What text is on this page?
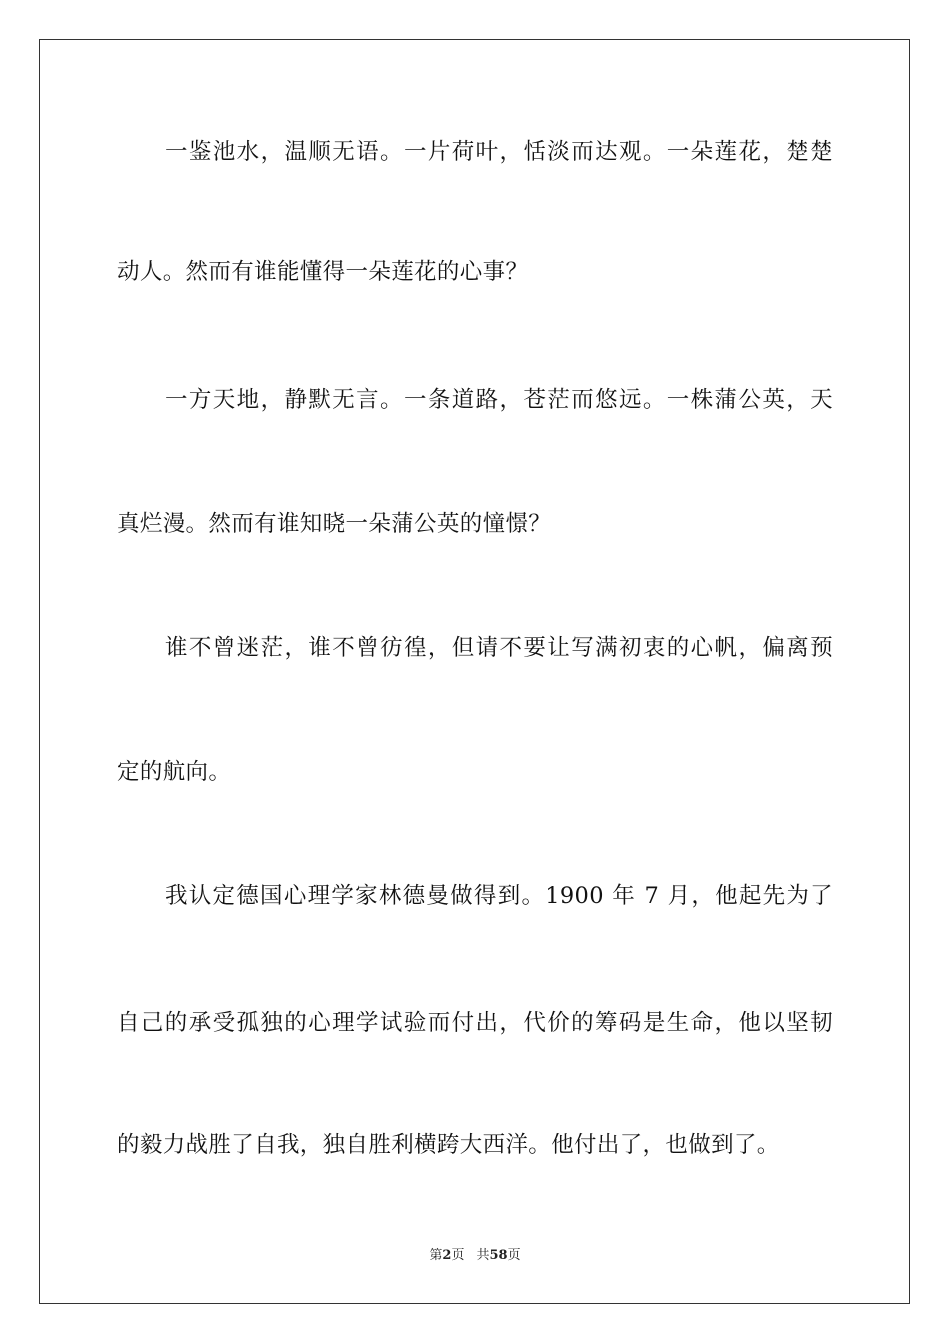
一鉴池水，温顺无语。一片荷叶，恬淡而达观。一朵莲花，楚楚
动人。然而有谁能懂得一朵莲花的心事？
一方天地，静默无言。一条道路，苍茫而悠远。一株蒲公英，天
真烂漫。然而有谁知晓一朵蒲公英的憧憬？
谁不曾迷茫，谁不曾彷徨，但请不要让写满初衷的心帆，偏离预
定的航向。
我认定德国心理学家林德曼做得到。1900 年 7 月，他起先为了
自己的承受孤独的心理学试验而付出，代价的筹码是生命，他以坚韧
的毅力战胜了自我，独自胜利横跨大西洋。他付出了，也做到了。
第2页 共58页
